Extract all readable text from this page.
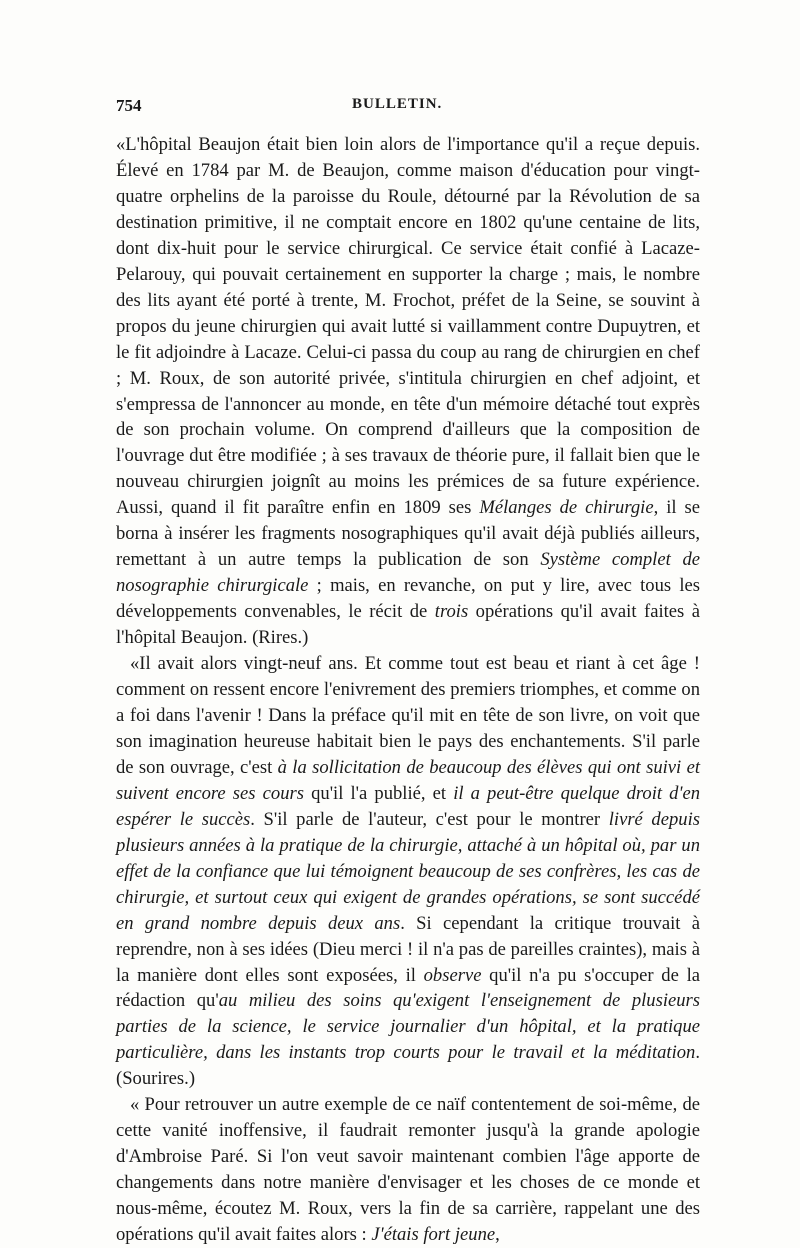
754	BULLETIN.

«L'hôpital Beaujon était bien loin alors de l'importance qu'il a reçue depuis. Élevé en 1784 par M. de Beaujon, comme maison d'éducation pour vingt-quatre orphelins de la paroisse du Roule, détourné par la Révolution de sa destination primitive, il ne comptait encore en 1802 qu'une centaine de lits, dont dix-huit pour le service chirurgical. Ce service était confié à Lacaze-Pelarouy, qui pouvait certainement en supporter la charge ; mais, le nombre des lits ayant été porté à trente, M. Frochot, préfet de la Seine, se souvint à propos du jeune chirurgien qui avait lutté si vaillamment contre Dupuytren, et le fit adjoindre à Lacaze. Celui-ci passa du coup au rang de chirurgien en chef ; M. Roux, de son autorité privée, s'intitula chirurgien en chef adjoint, et s'empressa de l'annoncer au monde, en tête d'un mémoire détaché tout exprès de son prochain volume. On comprend d'ailleurs que la composition de l'ouvrage dut être modifiée ; à ses travaux de théorie pure, il fallait bien que le nouveau chirurgien joignît au moins les prémices de sa future expérience. Aussi, quand il fit paraître enfin en 1809 ses Mélanges de chirurgie, il se borna à insérer les fragments nosographiques qu'il avait déjà publiés ailleurs, remettant à un autre temps la publication de son Système complet de nosographie chirurgicale ; mais, en revanche, on put y lire, avec tous les développements convenables, le récit de trois opérations qu'il avait faites à l'hôpital Beaujon. (Rires.)

«Il avait alors vingt-neuf ans. Et comme tout est beau et riant à cet âge ! comment on ressent encore l'enivrement des premiers triomphes, et comme on a foi dans l'avenir ! Dans la préface qu'il mit en tête de son livre, on voit que son imagination heureuse habitait bien le pays des enchantements. S'il parle de son ouvrage, c'est à la sollicitation de beaucoup des élèves qui ont suivi et suivent encore ses cours qu'il l'a publié, et il a peut-être quelque droit d'en espérer le succès. S'il parle de l'auteur, c'est pour le montrer livré depuis plusieurs années à la pratique de la chirurgie, attaché à un hôpital où, par un effet de la confiance que lui témoignent beaucoup de ses confrères, les cas de chirurgie, et surtout ceux qui exigent de grandes opérations, se sont succédé en grand nombre depuis deux ans. Si cependant la critique trouvait à reprendre, non à ses idées (Dieu merci ! il n'a pas de pareilles craintes), mais à la manière dont elles sont exposées, il observe qu'il n'a pu s'occuper de la rédaction qu'au milieu des soins qu'exigent l'enseignement de plusieurs parties de la science, le service journalier d'un hôpital, et la pratique particulière, dans les instants trop courts pour le travail et la méditation. (Sourires.)

« Pour retrouver un autre exemple de ce naïf contentement de soi-même, de cette vanité inoffensive, il faudrait remonter jusqu'à la grande apologie d'Ambroise Paré. Si l'on veut savoir maintenant combien l'âge apporte de changements dans notre manière d'envisager et les choses de ce monde et nous-même, écoutez M. Roux, vers la fin de sa carrière, rappelant une des opérations qu'il avait faites alors : J'étais fort jeune,
